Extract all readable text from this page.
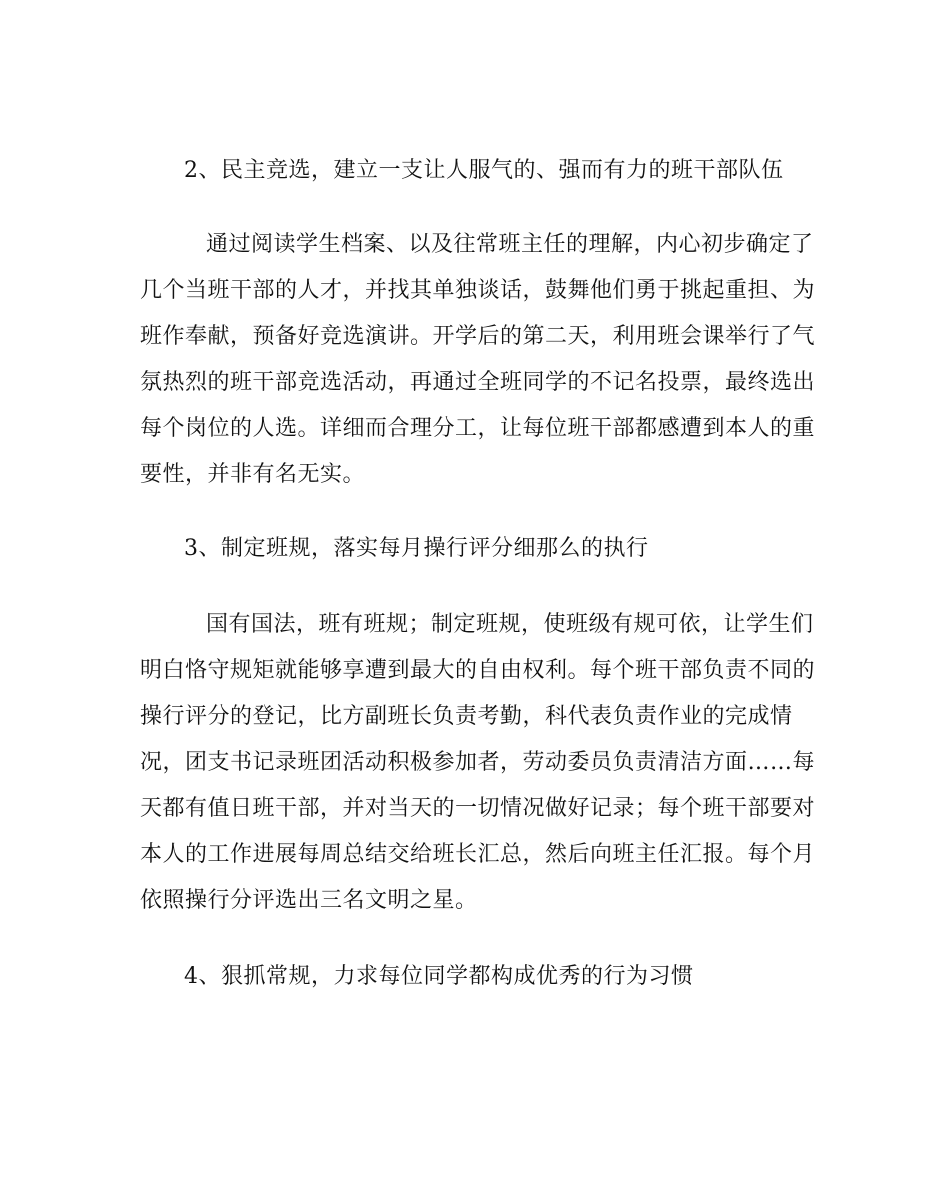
2、民主竞选，建立一支让人服气的、强而有力的班干部队伍
通过阅读学生档案、以及往常班主任的理解，内心初步确定了
几个当班干部的人才，并找其单独谈话，鼓舞他们勇于挑起重担、为
班作奉献，预备好竞选演讲。开学后的第二天，利用班会课举行了气
氛热烈的班干部竞选活动，再通过全班同学的不记名投票，最终选出
每个岗位的人选。详细而合理分工，让每位班干部都感遭到本人的重
要性，并非有名无实。
3、制定班规，落实每月操行评分细那么的执行
国有国法，班有班规；制定班规，使班级有规可依，让学生们
明白恪守规矩就能够享遭到最大的自由权利。每个班干部负责不同的
操行评分的登记，比方副班长负责考勤，科代表负责作业的完成情
况，团支书记录班团活动积极参加者，劳动委员负责清洁方面……每
天都有值日班干部，并对当天的一切情况做好记录；每个班干部要对
本人的工作进展每周总结交给班长汇总，然后向班主任汇报。每个月
依照操行分评选出三名文明之星。
4、狠抓常规，力求每位同学都构成优秀的行为习惯
